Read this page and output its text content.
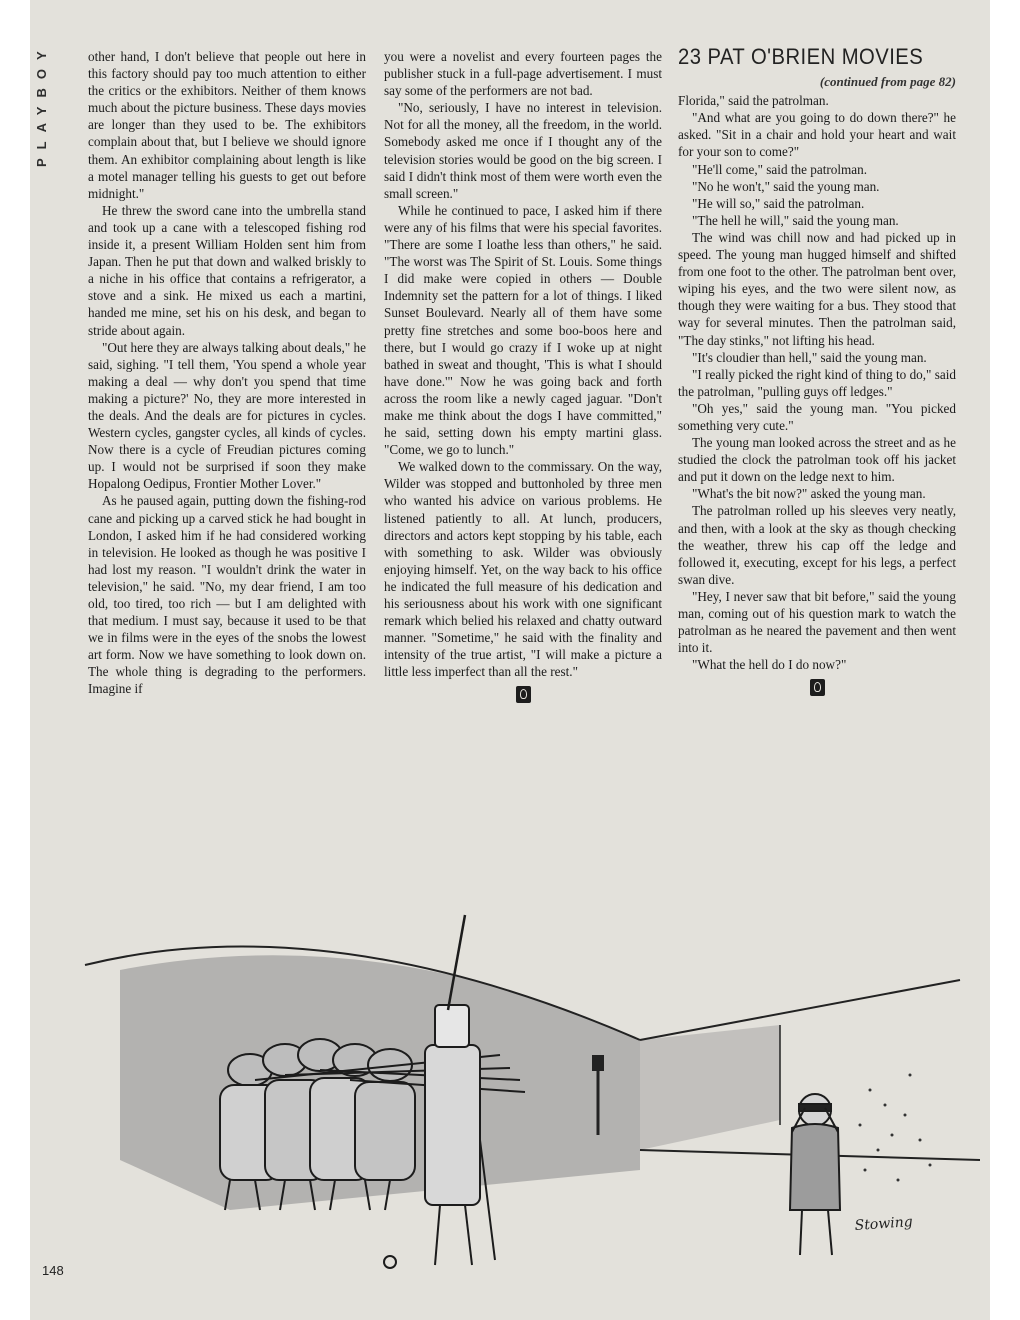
PLAYBOY	other hand, I don't believe that people out here in this factory should pay too much attention to either the critics or the exhibitors. Neither of them knows much about the picture business. These days movies are longer than they used to be. The exhibitors complain about that, but I believe we should ignore them. An exhibitor complaining about length is like a motel manager telling his guests to get out before midnight."

He threw the sword cane into the umbrella stand and took up a cane with a telescoped fishing rod inside it, a present William Holden sent him from Japan. Then he put that down and walked briskly to a niche in his office that contains a refrigerator, a stove and a sink. He mixed us each a martini, handed me mine, set his on his desk, and began to stride about again.

"Out here they are always talking about deals," he said, sighing. "I tell them, 'You spend a whole year making a deal — why don't you spend that time making a picture?' No, they are more interested in the deals. And the deals are for pictures in cycles. Western cycles, gangster cycles, all kinds of cycles. Now there is a cycle of Freudian pictures coming up. I would not be surprised if soon they make Hopalong Oedipus, Frontier Mother Lover."

As he paused again, putting down the fishing-rod cane and picking up a carved stick he had bought in London, I asked him if he had considered working in television. He looked as though he was positive I had lost my reason. "I wouldn't drink the water in television," he said. "No, my dear friend, I am too old, too tired, too rich — but I am delighted with that medium. I must say, because it used to be that we in films were in the eyes of the snobs the lowest art form. Now we have something to look down on. The whole thing is degrading to the performers. Imagine if

you were a novelist and every fourteen pages the publisher stuck in a full-page advertisement. I must say some of the performers are not bad.

"No, seriously, I have no interest in television. Not for all the money, all the freedom, in the world. Somebody asked me once if I thought any of the television stories would be good on the big screen. I said I didn't think most of them were worth even the small screen."

While he continued to pace, I asked him if there were any of his films that were his special favorites. "There are some I loathe less than others," he said. "The worst was The Spirit of St. Louis. Some things I did make were copied in others — Double Indemnity set the pattern for a lot of things. I liked Sunset Boulevard. Nearly all of them have some pretty fine stretches and some boo-boos here and there, but I would go crazy if I woke up at night bathed in sweat and thought, 'This is what I should have done.'" Now he was going back and forth across the room like a newly caged jaguar. "Don't make me think about the dogs I have committed," he said, setting down his empty martini glass. "Come, we go to lunch."

We walked down to the commissary. On the way, Wilder was stopped and buttonholed by three men who wanted his advice on various problems. He listened patiently to all. At lunch, producers, directors and actors kept stopping by his table, each with something to ask. Wilder was obviously enjoying himself. Yet, on the way back to his office he indicated the full measure of his dedication and his seriousness about his work with one significant remark which belied his relaxed and chatty outward manner. "Sometime," he said with the finality and intensity of the true artist, "I will make a picture a little less imperfect than all the rest."

23 PAT O'BRIEN MOVIES
(continued from page 82)

Florida," said the patrolman.

"And what are you going to do down there?" he asked. "Sit in a chair and hold your heart and wait for your son to come?"

"He'll come," said the patrolman.

"No he won't," said the young man.

"He will so," said the patrolman.

"The hell he will," said the young man.

The wind was chill now and had picked up in speed. The young man hugged himself and shifted from one foot to the other. The patrolman bent over, wiping his eyes, and the two were silent now, as though they were waiting for a bus. They stood that way for several minutes. Then the patrolman said, "The day stinks," not lifting his head.

"It's cloudier than hell," said the young man.

"I really picked the right kind of thing to do," said the patrolman, "pulling guys off ledges."

"Oh yes," said the young man. "You picked something very cute."

The young man looked across the street and as he studied the clock the patrolman took off his jacket and put it down on the ledge next to him.

"What's the bit now?" asked the young man.

The patrolman rolled up his sleeves very neatly, and then, with a look at the sky as though checking the weather, threw his cap off the ledge and followed it, executing, except for his legs, a perfect swan dive.

"Hey, I never saw that bit before," said the young man, coming out of his question mark to watch the patrolman as he neared the pavement and then went into it.

"What the hell do I do now?"

Stowing
148
